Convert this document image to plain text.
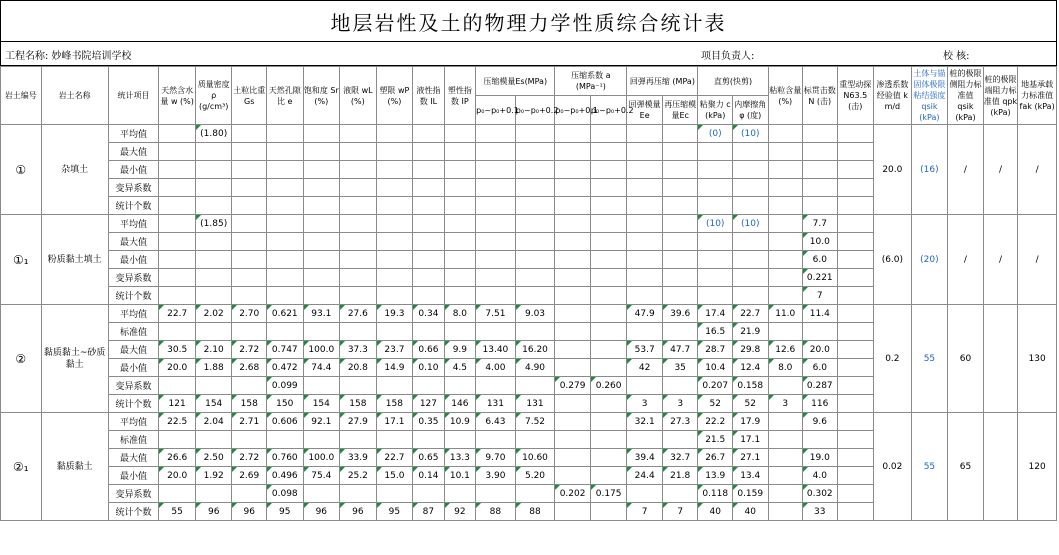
地层岩性及土的物理力学性质综合统计表
工程名称: 妙峰书院培训学校	项目负责人:	校 核:
岩土编号	岩土名称	统计项目	天然含水量 w (%)	质量密度 ρ (g/cm³)	土粒比重 Gs	天然孔隙比 e	饱和度 Sr (%)	液限 wL (%)	塑限 wP (%)	液性指数 IL	塑性指数 IP	压缩模量Es(MPa)		压缩系数 a (MPa⁻¹)		回弹再压缩 (MPa)		直剪(快剪)		粘粒含量 (%)	标贯击数 N (击)	重型动探 N63.5 (击)	渗透系数经验值 k m/d	土体与锚固体极限粘结强度 qsik (kPa)	桩的极限侧阻力标准值 qsik (kPa)	桩的极限端阻力标准值 qpk (kPa)	地基承载力标准值 fak (kPa)
												p₀~p₀+0.1	p₀~p₀+0.2	p₀~p₀+0.1	p₀~p₀+0.2	回弹模量Ee	再压缩模量Ec	粘聚力 c (kPa)	内摩擦角 φ (度)								
①	杂填土	平均值		(1.80)														(0)	(10)				20.0	(16)	/	/	/
		最大值																									
		最小值																									
		变异系数																									
		统计个数																									
①₁	粉质黏土填土	平均值		(1.85)														(10)	(10)		7.7		(6.0)	(20)	/	/	/
		最大值																			10.0						
		最小值																			6.0						
		变异系数																			0.221						
		统计个数																			7						
②	黏质黏土~砂质黏土	平均值	22.7	2.02	2.70	0.621	93.1	27.6	19.3	0.34	8.0	7.51	9.03			47.9	39.6	17.4	22.7	11.0	11.4		0.2	55	60		130
		标准值																16.5	21.9								
		最大值	30.5	2.10	2.72	0.747	100.0	37.3	23.7	0.66	9.9	13.40	16.20			53.7	47.7	28.7	29.8	12.6	20.0						
		最小值	20.0	1.88	2.68	0.472	74.4	20.8	14.9	0.10	4.5	4.00	4.90			42	35	10.4	12.4	8.0	6.0						
		变异系数				0.099								0.279	0.260			0.207	0.158		0.287						
		统计个数	121	154	158	150	154	158	158	127	146	131	131			3	3	52	52	3	116						
②₁	黏质黏土	平均值	22.5	2.04	2.71	0.606	92.1	27.9	17.1	0.35	10.9	6.43	7.52			32.1	27.3	22.2	17.9		9.6		0.02	55	65		120
		标准值																21.5	17.1								
		最大值	26.6	2.50	2.72	0.760	100.0	33.9	22.7	0.65	13.3	9.70	10.60			39.4	32.7	26.7	27.1		19.0						
		最小值	20.0	1.92	2.69	0.496	75.4	25.2	15.0	0.14	10.1	3.90	5.20			24.4	21.8	13.9	13.4		4.0						
		变异系数				0.098								0.202	0.175			0.118	0.159		0.302						
		统计个数	55	96	96	95	96	96	95	87	92	88	88			7	7	40	40		33						
